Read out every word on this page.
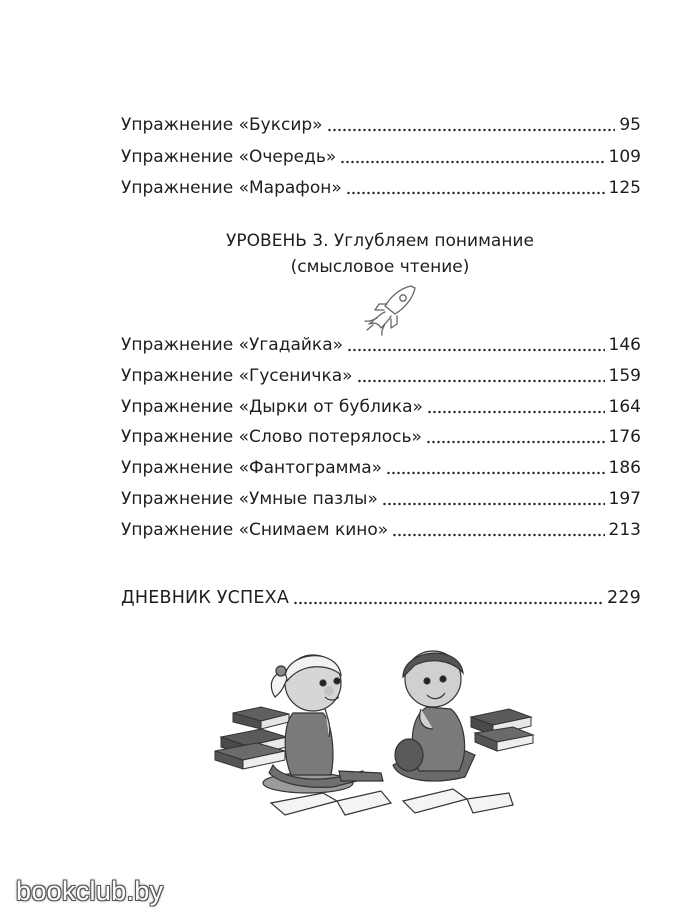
Упражнение «Буксир»	95
Упражнение «Очередь»	109
Упражнение «Марафон»	125
УРОВЕНЬ 3. Углубляем понимание
(смысловое чтение)
Упражнение «Угадайка»	146
Упражнение «Гусеничка»	159
Упражнение «Дырки от бублика»	164
Упражнение «Слово потерялось»	176
Упражнение «Фантограмма»	186
Упражнение «Умные пазлы»	197
Упражнение «Снимаем кино»	213
ДНЕВНИК УСПЕХА	229
bookclub.by
